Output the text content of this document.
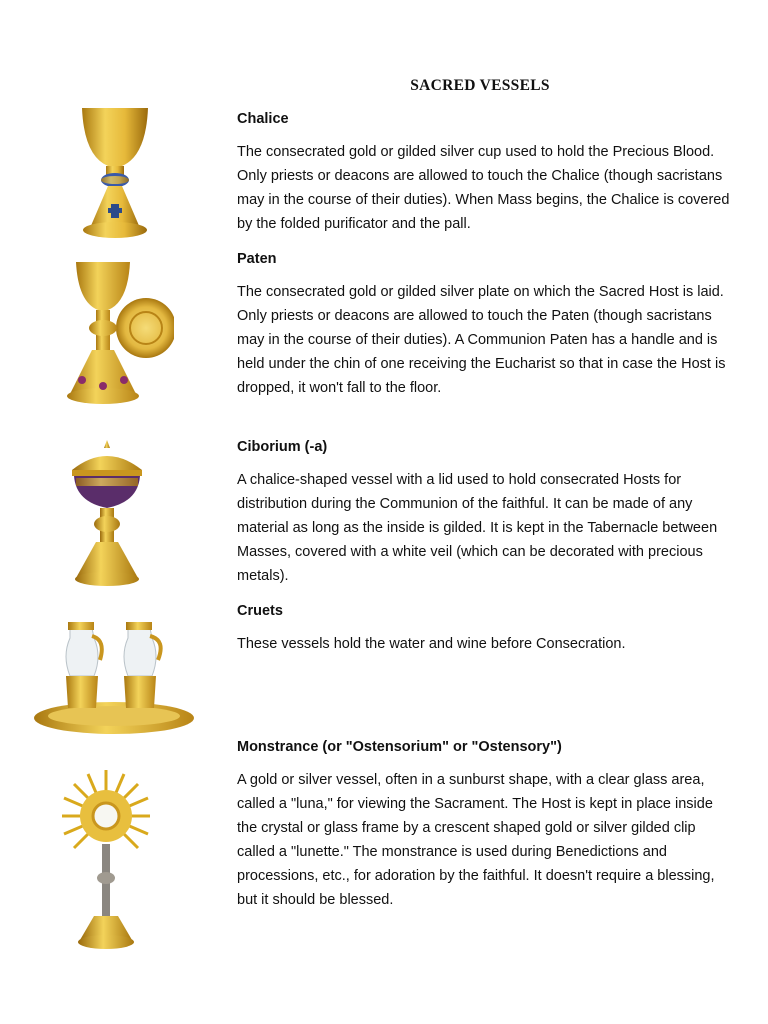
SACRED VESSELS

Chalice

The consecrated gold or gilded silver cup used to hold the Precious Blood. Only priests or deacons are allowed to touch the Chalice (though sacristans may in the course of their duties). When Mass begins, the Chalice is covered by the folded purificator and the pall.

Paten

The consecrated gold or gilded silver plate on which the Sacred Host is laid. Only priests or deacons are allowed to touch the Paten (though sacristans may in the course of their duties). A Communion Paten has a handle and is held under the chin of one receiving the Eucharist so that in case the Host is dropped, it won't fall to the floor.

Ciborium (-a)

A chalice-shaped vessel with a lid used to hold consecrated Hosts for distribution during the Communion of the faithful. It can be made of any material as long as the inside is gilded. It is kept in the Tabernacle between Masses, covered with a white veil (which can be decorated with precious metals).

Cruets

These vessels hold the water and wine before Consecration.

Monstrance (or "Ostensorium" or "Ostensory")

A gold or silver vessel, often in a sunburst shape, with a clear glass area, called a "luna," for viewing the Sacrament. The Host is kept in place inside the crystal or glass frame by a crescent shaped gold or silver gilded clip called a "lunette." The monstrance is used during Benedictions and processions, etc., for adoration by the faithful. It doesn't require a blessing, but it should be blessed.
